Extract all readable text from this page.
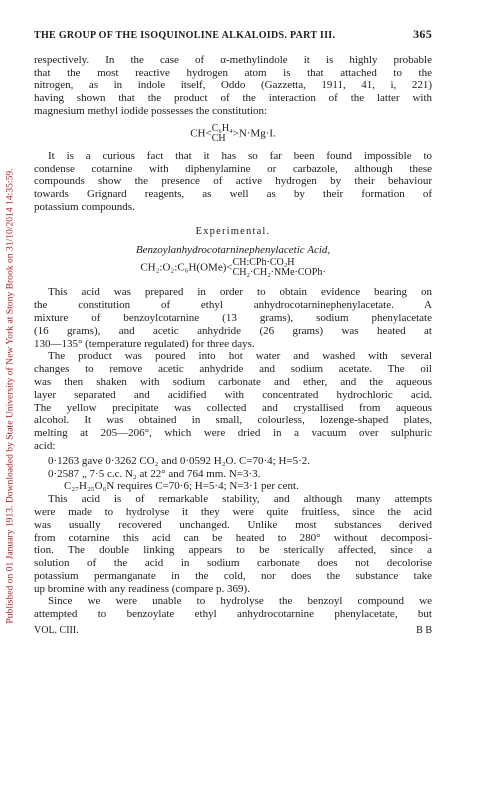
Published on 01 January 1913. Downloaded by State University of New York at Stony Brook on 31/10/2014 14:35:59.
THE GROUP OF THE ISOQUINOLINE ALKALOIDS. PART III.	365
respectively. In the case of α-methylindole it is highly probable
that the most reactive hydrogen atom is that attached to the
nitrogen, as in indole itself, Oddo (Gazzetta, 1911, 41, i, 221)
having shown that the product of the interaction of the latter with
magnesium methyl iodide possesses the constitution:
CH< C₆H₄
CH >N·Mg·I.
It is a curious fact that it has so far been found impossible to
condense cotarnine with diphenylamine or carbazole, although these
compounds show the presence of active hydrogen by their behaviour
towards Grignard reagents, as well as by their formation of
potassium compounds.
Experimental.
Benzoylanhydrocotarninephenylacetic Acid,
CH₂:O₂:C₆H(OMe)< CH:CPh·CO₂H
CH₂·CH₂·NMe·COPh·
This acid was prepared in order to obtain evidence bearing on
the constitution of ethyl anhydrocotarninephenylacetate. A
mixture of benzoylcotarnine (13 grams), sodium phenylacetate
(16 grams), and acetic anhydride (26 grams) was heated at
130—135° (temperature regulated) for three days.
The product was poured into hot water and washed with several
changes to remove acetic anhydride and sodium acetate. The oil
was then shaken with sodium carbonate and ether, and the aqueous
layer separated and acidified with concentrated hydrochloric acid.
The yellow precipitate was collected and crystallised from aqueous
alcohol. It was obtained in small, colourless, lozenge-shaped plates,
melting at 205—206°, which were dried in a vacuum over sulphuric
acid:
0·1263 gave 0·3262 CO₂ and 0·0592 H₂O. C=70·4; H=5·2.
0·2587 „ 7·5 c.c. N₂ at 22° and 764 mm. N=3·3.
C₂₇H₂₅O₆N requires C=70·6; H=5·4; N=3·1 per cent.
This acid is of remarkable stability, and although many attempts
were made to hydrolyse it they were quite fruitless, since the acid
was usually recovered unchanged. Unlike most substances derived
from cotarnine this acid can be heated to 280° without decomposi-
tion. The double linking appears to be sterically affected, since a
solution of the acid in sodium carbonate does not decolorise
potassium permanganate in the cold, nor does the substance take
up bromine with any readiness (compare p. 369).
Since we were unable to hydrolyse the benzoyl compound we
attempted to benzoylate ethyl anhydrocotarnine phenylacetate, but
VOL. CIII.	B B
